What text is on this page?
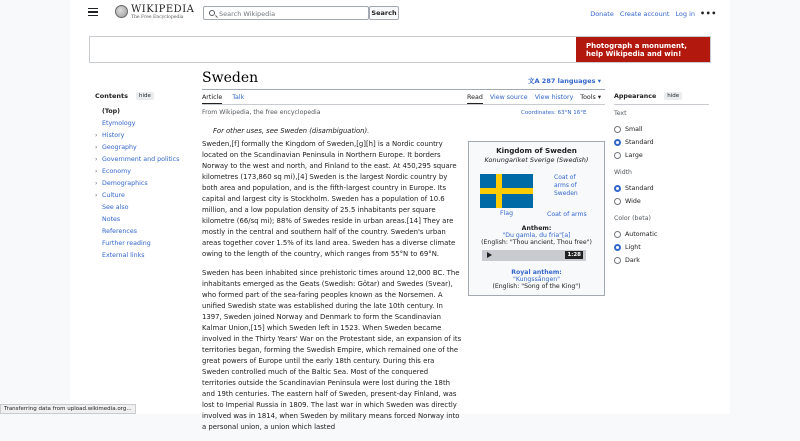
WIKIPEDIA
The Free Encyclopedia	Search Wikipedia	Search	Donate Create account Log in •••
Photograph a monument, help Wikipedia and win!
Contents	hide
(Top)
Etymology
› History
› Geography
› Government and politics
› Economy
› Demographics
› Culture
See also
Notes
References
Further reading
External links
Sweden	文A 287 languages ▾
Article Talk	Read View source View history Tools ▾
From Wikipedia, the free encyclopedia	Coordinates: 63°N 16°E
For other uses, see Sweden (disambiguation).

Sweden,[f] formally the Kingdom of Sweden,[g][h] is a Nordic country located on the Scandinavian Peninsula in Northern Europe. It borders Norway to the west and north, and Finland to the east. At 450,295 square kilometres (173,860 sq mi),[4] Sweden is the largest Nordic country by both area and population, and is the fifth-largest country in Europe. Its capital and largest city is Stockholm. Sweden has a population of 10.6 million, and a low population density of 25.5 inhabitants per square kilometre (66/sq mi); 88% of Swedes reside in urban areas.[14] They are mostly in the central and southern half of the country. Sweden's urban areas together cover 1.5% of its land area. Sweden has a diverse climate owing to the length of the country, which ranges from 55°N to 69°N.

Sweden has been inhabited since prehistoric times around 12,000 BC. The inhabitants emerged as the Geats (Swedish: Götar) and Swedes (Svear), who formed part of the sea-faring peoples known as the Norsemen. A unified Swedish state was established during the late 10th century. In 1397, Sweden joined Norway and Denmark to form the Scandinavian Kalmar Union,[15] which Sweden left in 1523. When Sweden became involved in the Thirty Years' War on the Protestant side, an expansion of its territories began, forming the Swedish Empire, which remained one of the great powers of Europe until the early 18th century. During this era Sweden controlled much of the Baltic Sea. Most of the conquered territories outside the Scandinavian Peninsula were lost during the 18th and 19th centuries. The eastern half of Sweden, present-day Finland, was lost to Imperial Russia in 1809. The last war in which Sweden was directly involved was in 1814, when Sweden by military means forced Norway into a personal union, a union which lasted

Kingdom of Sweden
Konungariket Sverige (Swedish)
Flag
Coat of arms of Sweden
Coat of arms
Anthem:
"Du gamla, du fria"[a]
(English: "Thou ancient, Thou free")
1:28
Royal anthem:
"Kungssången"
(English: "Song of the King")
Appearance	hide
Text
Small
Standard
Large
Width
Standard
Wide
Color (beta)
Automatic
Light
Dark
Transferring data from upload.wikimedia.org...
